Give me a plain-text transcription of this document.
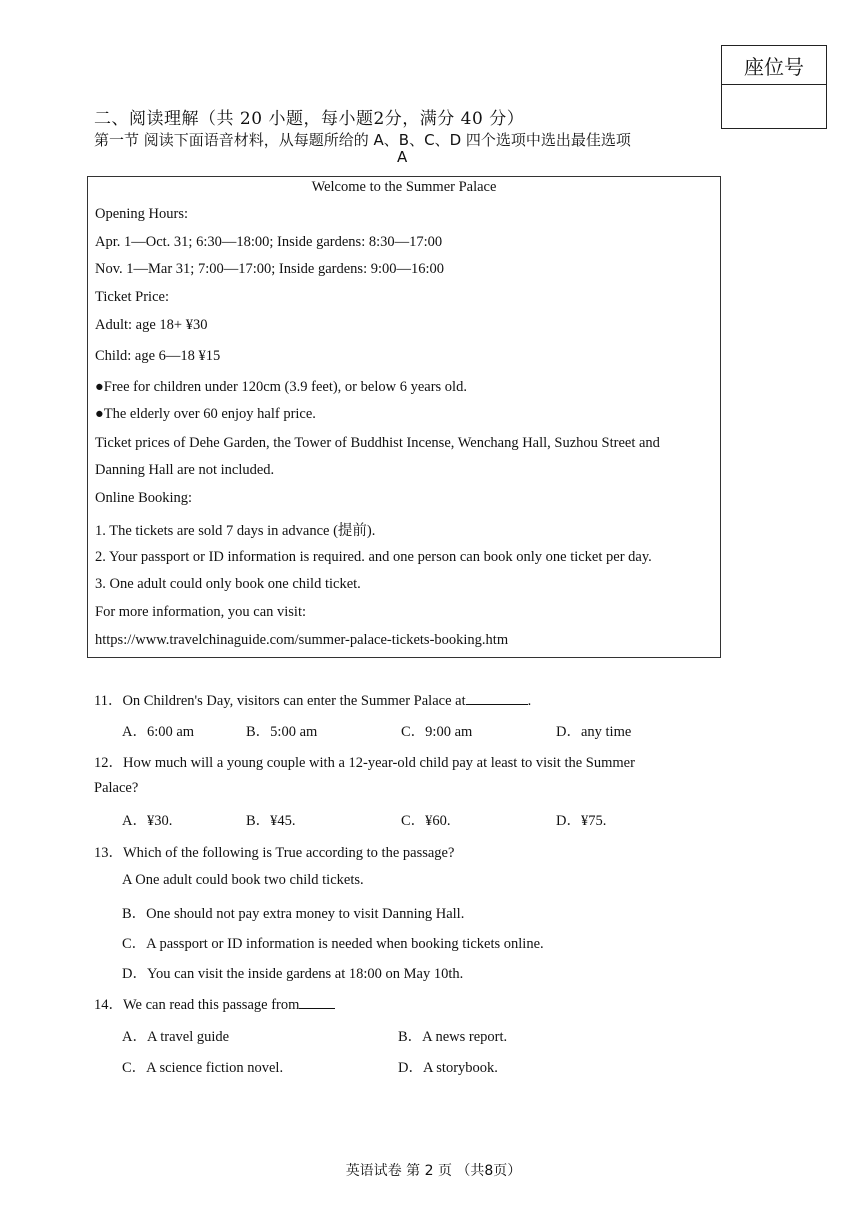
座位号
二、阅读理解（共 20 小题，每小题2分，满分 40 分）
第一节 阅读下面语音材料，从每题所给的 A、B、C、D 四个选项中选出最佳选项
A
Welcome to the Summer Palace
Opening Hours:
Apr. 1—Oct. 31; 6:30—18:00; Inside gardens: 8:30—17:00
Nov. 1—Mar 31; 7:00—17:00; Inside gardens: 9:00—16:00
Ticket Price:
Adult: age 18+ ¥30
Child: age 6—18 ¥15
●Free for children under 120cm (3.9 feet), or below 6 years old.
●The elderly over 60 enjoy half price.
Ticket prices of Dehe Garden, the Tower of Buddhist Incense, Wenchang Hall, Suzhou Street and
Danning Hall are not included.
Online Booking:
1. The tickets are sold 7 days in advance (提前).
2. Your passport or ID information is required. and one person can book only one ticket per day.
3. One adult could only book one child ticket.
For more information, you can visit:
https://www.travelchinaguide.com/summer-palace-tickets-booking.htm
11．On Children's Day, visitors can enter the Summer Palace at	.
A．6:00 am	B．5:00 am	C．9:00 am	D．any time
12．How much will a young couple with a 12-year-old child pay at least to visit the Summer
Palace?
A．¥30.	B．¥45.	C．¥60.	D．¥75.
13．Which of the following is True according to the passage?
A One adult could book two child tickets.
B．One should not pay extra money to visit Danning Hall.
C．A passport or ID information is needed when booking tickets online.
D．You can visit the inside gardens at 18:00 on May 10th.
14．We can read this passage from
A．A travel guide	B．A news report.
C．A science fiction novel.	D．A storybook.
英语试卷 第 2 页 （共8页）
